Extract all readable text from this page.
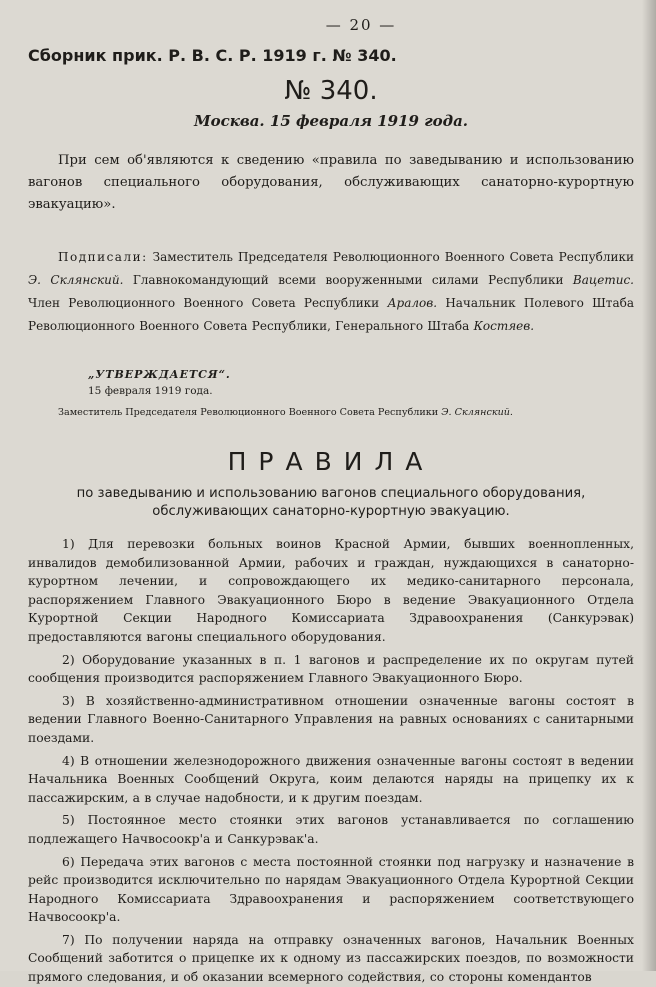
— 20 —
Сборник прик. Р. В. С. Р. 1919 г. № 340.
№ 340.
Москва. 15 февраля 1919 года.
При сем об'являются к сведению «правила по заведыванию и использованию вагонов специального оборудования, обслуживающих санаторно-курортную эвакуацию».
Подписали: Заместитель Председателя Революционного Военного Совета Республики Э. Склянский. Главнокомандующий всеми вооруженными силами Республики Вацетис. Член Революционного Военного Совета Республики Аралов. Начальник Полевого Штаба Революционного Военного Совета Республики, Генерального Штаба Костяев.
„УТВЕРЖДАЕТСЯ“.
15 февраля 1919 года.
Заместитель Председателя Революционного Военного Совета Республики Э. Склянский.
ПРАВИЛА
по заведыванию и использованию вагонов специального оборудования, обслуживающих санаторно-курортную эвакуацию.

1) Для перевозки больных воинов Красной Армии, бывших военнопленных, инвалидов демобилизованной Армии, рабочих и граждан, нуждающихся в санаторно-курортном лечении, и сопровождающего их медико-санитарного персонала, распоряжением Главного Эвакуационного Бюро в ведение Эвакуационного Отдела Курортной Секции Народного Комиссариата Здравоохранения (Санкурэвак) предоставляются вагоны специального оборудования.

2) Оборудование указанных в п. 1 вагонов и распределение их по округам путей сообщения производится распоряжением Главного Эвакуационного Бюро.

3) В хозяйственно-административном отношении означенные вагоны состоят в ведении Главного Военно-Санитарного Управления на равных основаниях с санитарными поездами.

4) В отношении железнодорожного движения означенные вагоны состоят в ведении Начальника Военных Сообщений Округа, коим делаются наряды на прицепку их к пассажирским, а в случае надобности, и к другим поездам.

5) Постоянное место стоянки этих вагонов устанавливается по соглашению подлежащего Начвосоокр'а и Санкурэвак'а.

6) Передача этих вагонов с места постоянной стоянки под нагрузку и назначение в рейс производится исключительно по нарядам Эвакуационного Отдела Курортной Секции Народного Комиссариата Здравоохранения и распоряжением соответствующего Начвосоокр'а.

7) По получении наряда на отправку означенных вагонов, Начальник Военных Сообщений заботится о прицепке их к одному из пассажирских поездов, по возможности прямого следования, и об оказании всемерного содействия, со стороны комендантов
